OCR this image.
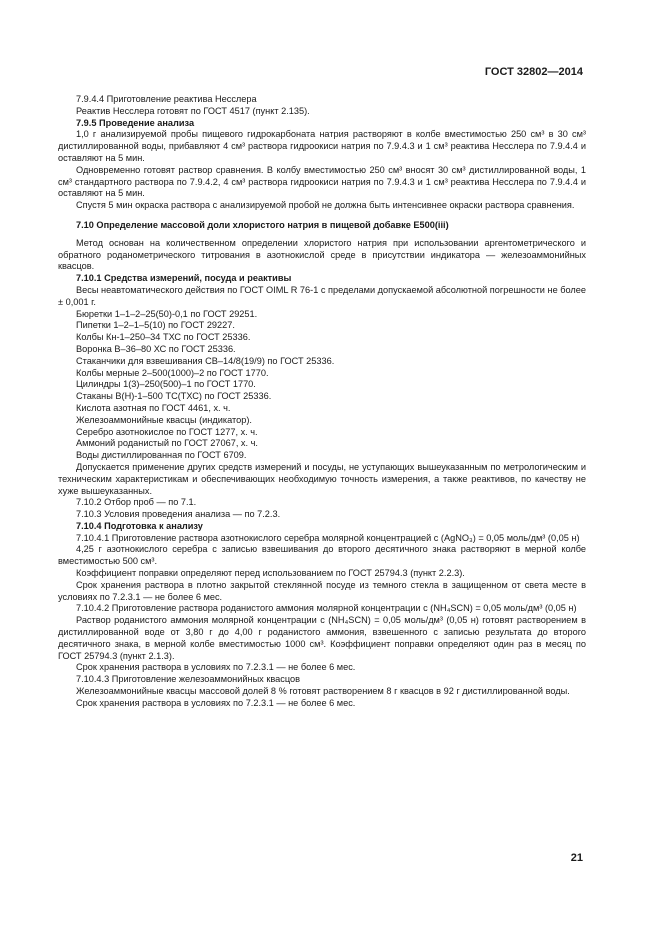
ГОСТ 32802—2014

7.9.4.4 Приготовление реактива Несслера

Реактив Несслера готовят по ГОСТ 4517 (пункт 2.135).

7.9.5 Проведение анализа

1,0 г анализируемой пробы пищевого гидрокарбоната натрия растворяют в колбе вместимостью 250 см³ в 30 см³ дистиллированной воды, прибавляют 4 см³ раствора гидроокиси натрия по 7.9.4.3 и 1 см³ реактива Несслера по 7.9.4.4 и оставляют на 5 мин.

Одновременно готовят раствор сравнения. В колбу вместимостью 250 см³ вносят 30 см³ дистиллированной воды, 1 см³ стандартного раствора по 7.9.4.2, 4 см³ раствора гидроокиси натрия по 7.9.4.3 и 1 см³ реактива Несслера по 7.9.4.4 и оставляют на 5 мин.

Спустя 5 мин окраска раствора с анализируемой пробой не должна быть интенсивнее окраски раствора сравнения.

7.10 Определение массовой доли хлористого натрия в пищевой добавке Е500(iii)

Метод основан на количественном определении хлористого натрия при использовании аргентометрического и обратного роданометрического титрования в азотнокислой среде в присутствии индикатора — железоаммонийных квасцов.

7.10.1 Средства измерений, посуда и реактивы

Весы неавтоматического действия по ГОСТ OIML R 76-1 с пределами допускаемой абсолютной погрешности не более ± 0,001 г.

Бюретки 1–1–2–25(50)-0,1 по ГОСТ 29251.

Пипетки 1–2–1–5(10) по ГОСТ 29227.

Колбы Кн-1–250–34 ТХС по ГОСТ 25336.

Воронка В–36–80 ХС по ГОСТ 25336.

Стаканчики для взвешивания СВ–14/8(19/9) по ГОСТ 25336.

Колбы мерные 2–500(1000)–2 по ГОСТ 1770.

Цилиндры 1(3)–250(500)–1 по ГОСТ 1770.

Стаканы В(Н)-1–500 ТС(ТХС) по ГОСТ 25336.

Кислота азотная по ГОСТ 4461, х. ч.

Железоаммонийные квасцы (индикатор).

Серебро азотнокислое по ГОСТ 1277, х. ч.

Аммоний роданистый по ГОСТ 27067, х. ч.

Воды дистиллированная по ГОСТ 6709.

Допускается применение других средств измерений и посуды, не уступающих вышеуказанным по метрологическим и техническим характеристикам и обеспечивающих необходимую точность измерения, а также реактивов, по качеству не хуже вышеуказанных.

7.10.2 Отбор проб — по 7.1.

7.10.3 Условия проведения анализа — по 7.2.3.

7.10.4 Подготовка к анализу

7.10.4.1 Приготовление раствора азотнокислого серебра молярной концентрацией c (AgNO₃) = 0,05 моль/дм³ (0,05 н)

4,25 г азотнокислого серебра с записью взвешивания до второго десятичного знака растворяют в мерной колбе вместимостью 500 см³.

Коэффициент поправки определяют перед использованием по ГОСТ 25794.3 (пункт 2.2.3).

Срок хранения раствора в плотно закрытой стеклянной посуде из темного стекла в защищенном от света месте в условиях по 7.2.3.1 — не более 6 мес.

7.10.4.2 Приготовление раствора роданистого аммония молярной концентрации c (NH₄SCN) = 0,05 моль/дм³ (0,05 н)

Раствор роданистого аммония молярной концентрации c (NH₄SCN) = 0,05 моль/дм³ (0,05 н) готовят растворением в дистиллированной воде от 3,80 г до 4,00 г роданистого аммония, взвешенного с записью результата до второго десятичного знака, в мерной колбе вместимостью 1000 см³. Коэффициент поправки определяют один раз в месяц по ГОСТ 25794.3 (пункт 2.1.3).

Срок хранения раствора в условиях по 7.2.3.1 — не более 6 мес.

7.10.4.3 Приготовление железоаммонийных квасцов

Железоаммонийные квасцы массовой долей 8 % готовят растворением 8 г квасцов в 92 г дистиллированной воды.

Срок хранения раствора в условиях по 7.2.3.1 — не более 6 мес.

21
